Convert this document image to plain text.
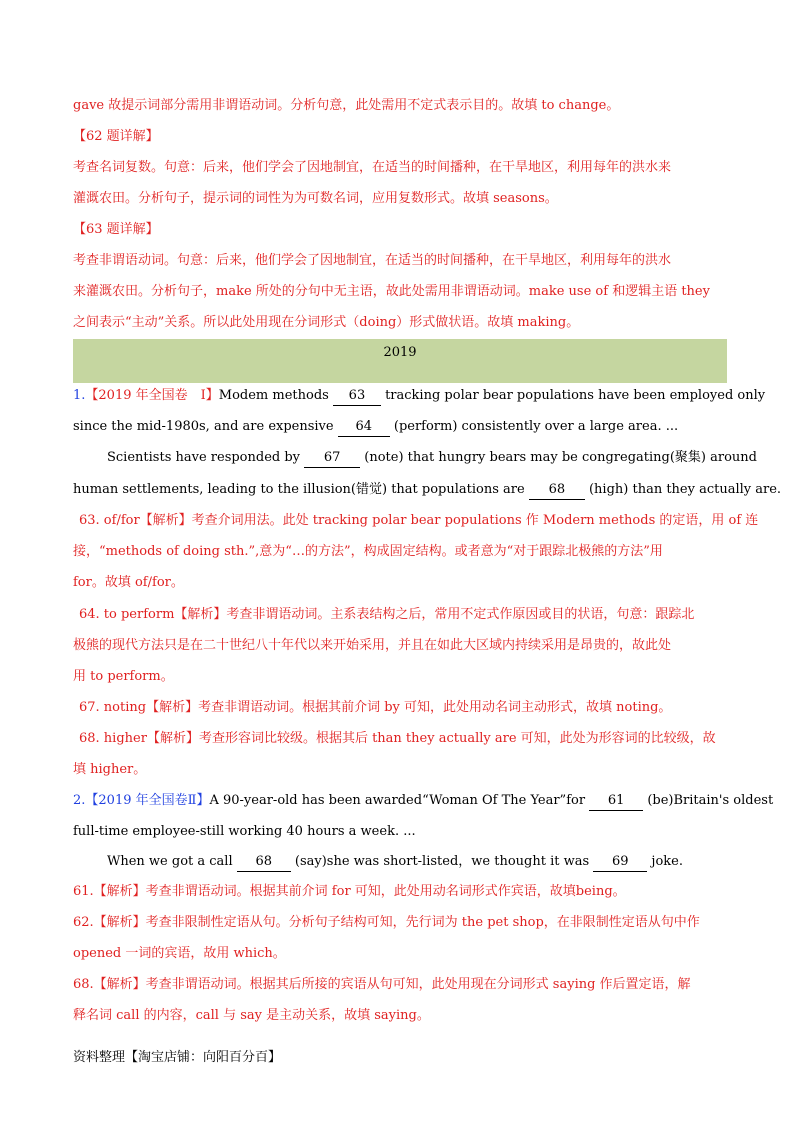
gave 故提示词部分需用非谓语动词。分析句意，此处需用不定式表示目的。故填 to change。
【62 题详解】
考查名词复数。句意：后来，他们学会了因地制宜，在适当的时间播种，在干旱地区，利用每年的洪水来
灌溉农田。分析句子，提示词的词性为为可数名词，应用复数形式。故填 seasons。
【63 题详解】
考查非谓语动词。句意：后来，他们学会了因地制宜，在适当的时间播种，在干旱地区，利用每年的洪水
来灌溉农田。分析句子，make 所处的分句中无主语，故此处需用非谓语动词。make use of 和逻辑主语 they
之间表示“主动”关系。所以此处用现在分词形式（doing）形式做状语。故填 making。
2019
1.【2019 年全国卷　Ⅰ】Modem methods 63 tracking polar bear populations have been employed only
since the mid-1980s, and are expensive 64 (perform) consistently over a large area. ...
Scientists have responded by 67 (note) that hungry bears may be congregating(聚集) around
human settlements, leading to the illusion(错觉) that populations are 68 (high) than they actually are.
63. of/for【解析】考查介词用法。此处 tracking polar bear populations 作 Modern methods 的定语，用 of 连
接，“methods of doing sth.”,意为“…的方法”，构成固定结构。或者意为“对于跟踪北极熊的方法”用
for。故填 of/for。
64. to perform【解析】考查非谓语动词。主系表结构之后，常用不定式作原因或目的状语，句意：跟踪北
极熊的现代方法只是在二十世纪八十年代以来开始采用，并且在如此大区域内持续采用是昂贵的，故此处
用 to perform。
67. noting【解析】考查非谓语动词。根据其前介词 by 可知，此处用动名词主动形式，故填 noting。
68. higher【解析】考查形容词比较级。根据其后 than they actually are 可知，此处为形容词的比较级，故
填 higher。
2.【2019 年全国卷Ⅱ】A 90-year-old has been awarded“Woman Of The Year”for 61 (be)Britain's oldest
full-time employee-still working 40 hours a week. ...
When we got a call 68 (say)she was short-listed，we thought it was 69 joke.
61.【解析】考查非谓语动词。根据其前介词 for 可知，此处用动名词形式作宾语，故填being。
62.【解析】考查非限制性定语从句。分析句子结构可知，先行词为 the pet shop，在非限制性定语从句中作
opened 一词的宾语，故用 which。
68.【解析】考查非谓语动词。根据其后所接的宾语从句可知，此处用现在分词形式 saying 作后置定语，解
释名词 call 的内容，call 与 say 是主动关系，故填 saying。
资料整理【淘宝店铺：向阳百分百】
